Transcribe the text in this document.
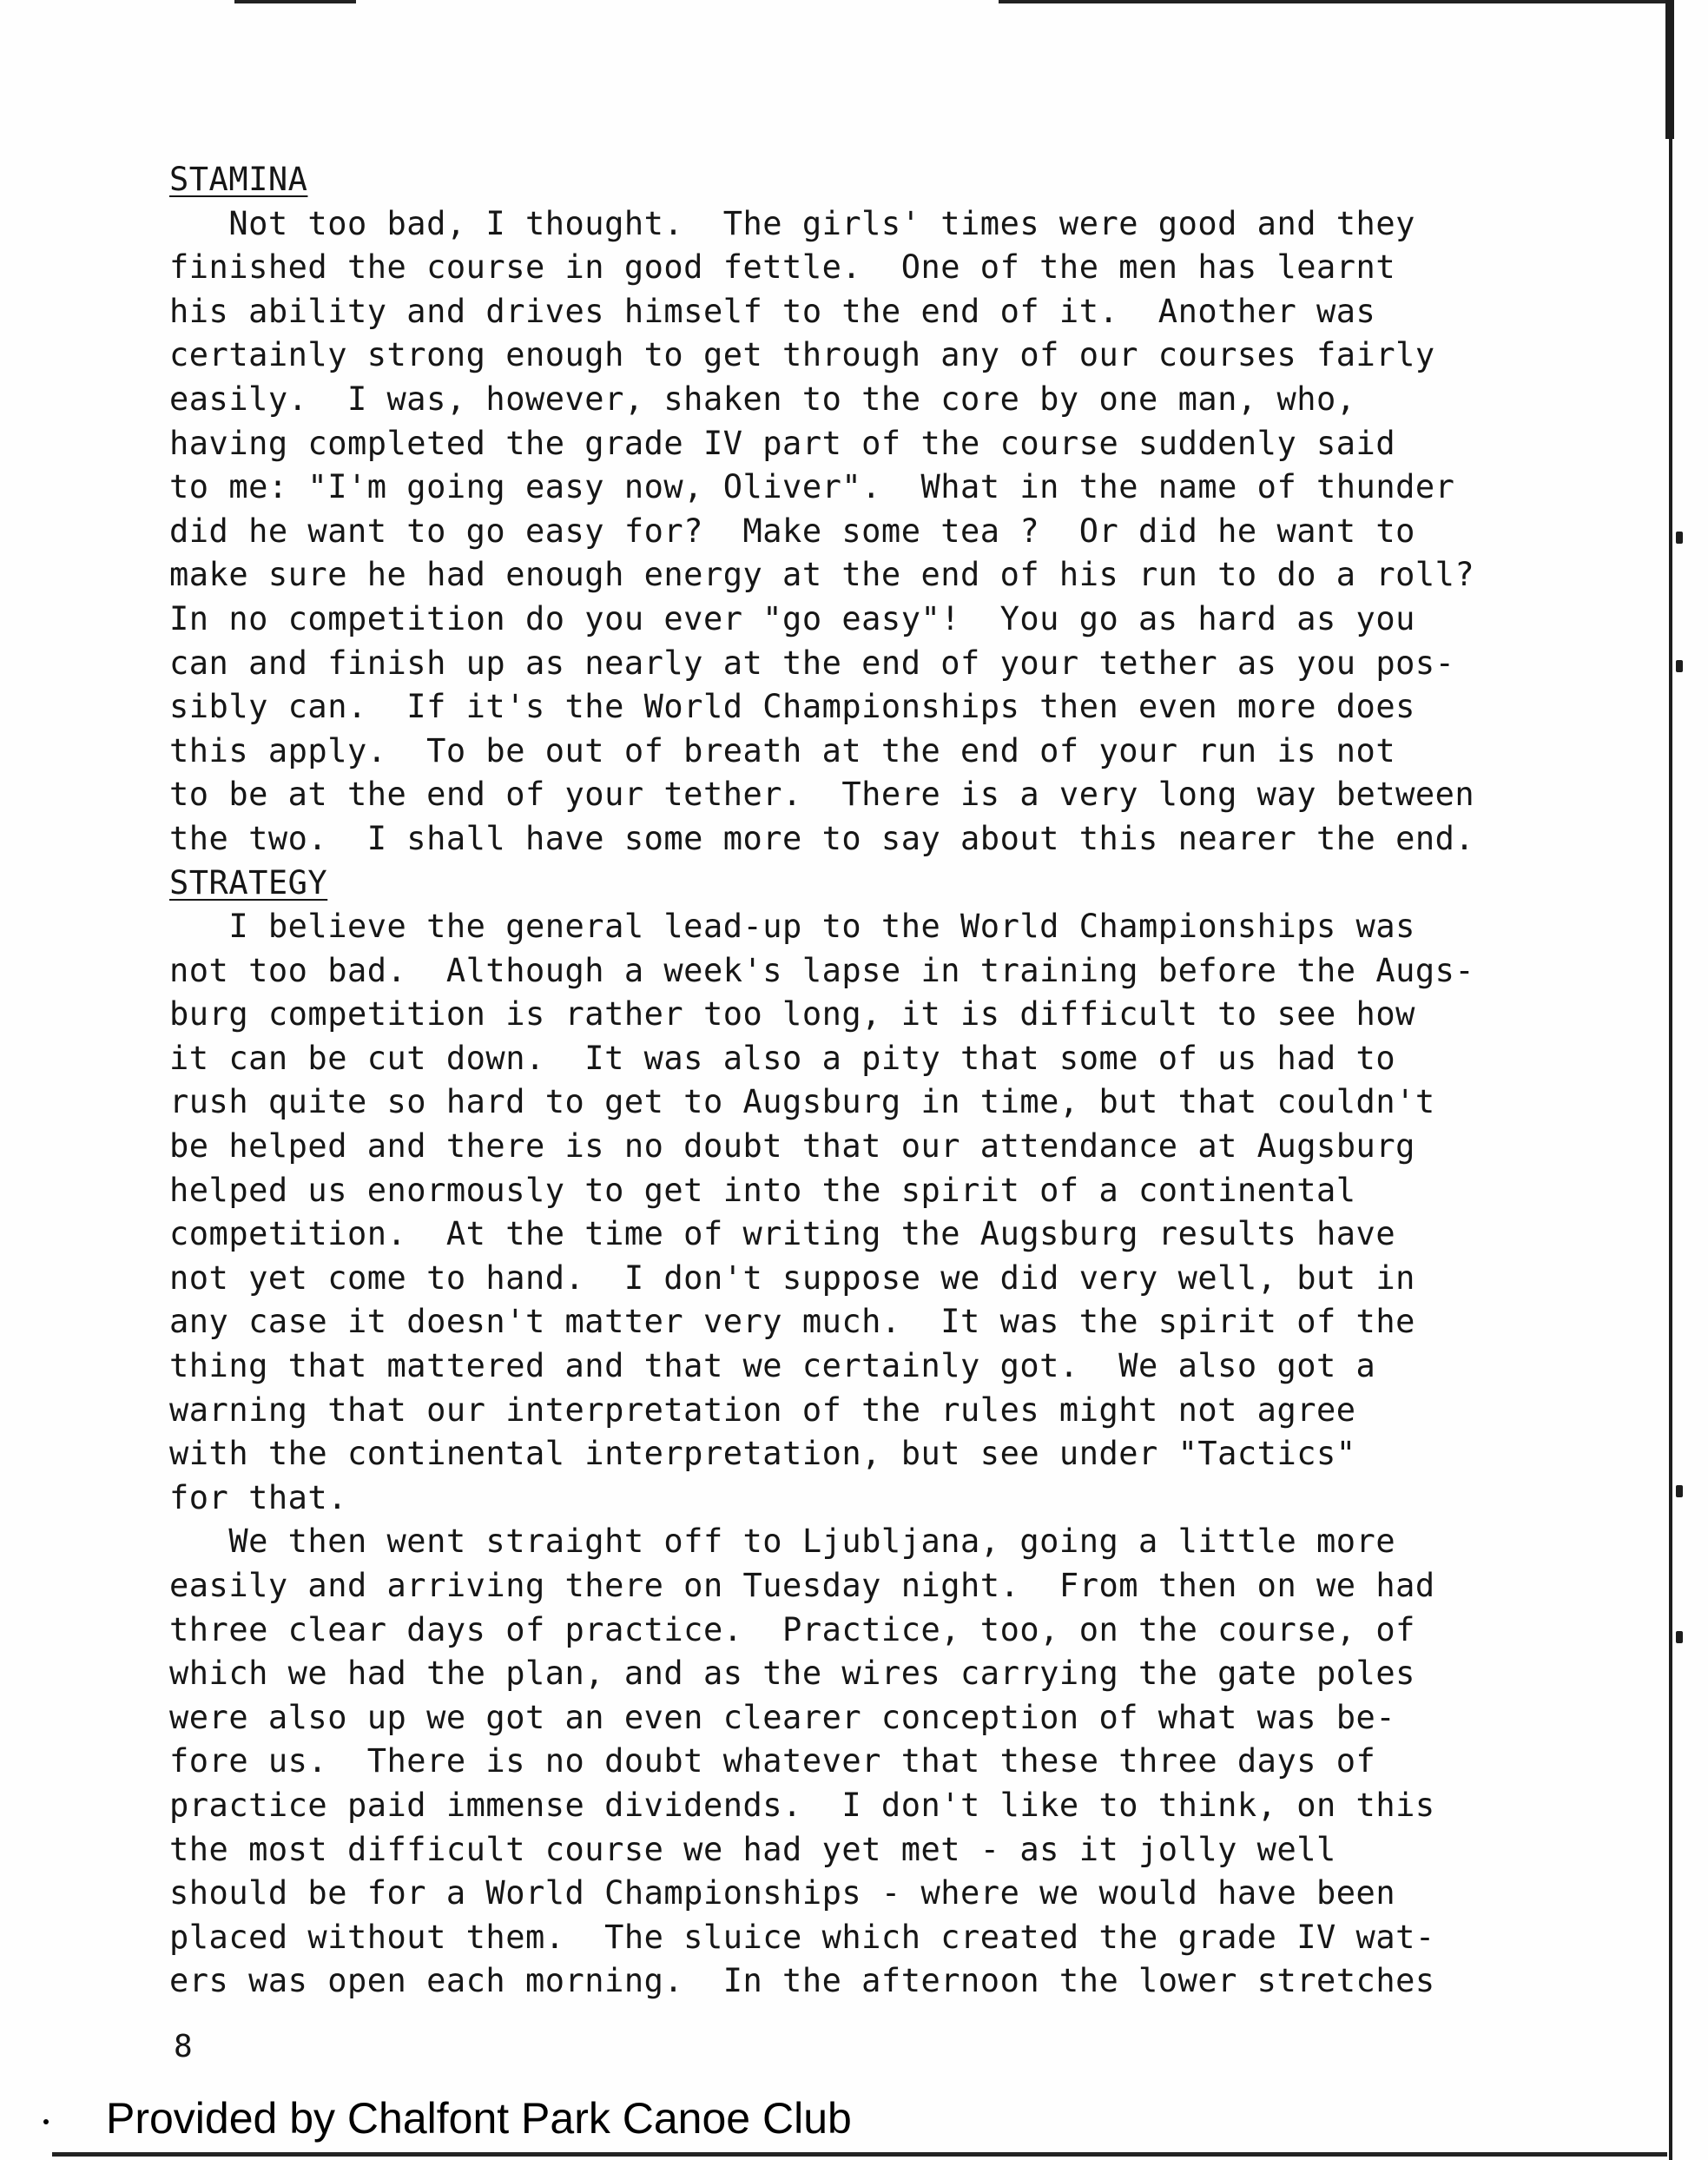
STAMINA
Not too bad, I thought.  The girls' times were good and they
finished the course in good fettle.  One of the men has learnt
his ability and drives himself to the end of it.  Another was
certainly strong enough to get through any of our courses fairly
easily.  I was, however, shaken to the core by one man, who,
having completed the grade IV part of the course suddenly said
to me: "I'm going easy now, Oliver".  What in the name of thunder
did he want to go easy for?  Make some tea ?  Or did he want to
make sure he had enough energy at the end of his run to do a roll?
In no competition do you ever "go easy"!  You go as hard as you
can and finish up as nearly at the end of your tether as you pos-
sibly can.  If it's the World Championships then even more does
this apply.  To be out of breath at the end of your run is not
to be at the end of your tether.  There is a very long way between
the two.  I shall have some more to say about this nearer the end.
STRATEGY
I believe the general lead-up to the World Championships was
not too bad.  Although a week's lapse in training before the Augs-
burg competition is rather too long, it is difficult to see how
it can be cut down.  It was also a pity that some of us had to
rush quite so hard to get to Augsburg in time, but that couldn't
be helped and there is no doubt that our attendance at Augsburg
helped us enormously to get into the spirit of a continental
competition.  At the time of writing the Augsburg results have
not yet come to hand.  I don't suppose we did very well, but in
any case it doesn't matter very much.  It was the spirit of the
thing that mattered and that we certainly got.  We also got a
warning that our interpretation of the rules might not agree
with the continental interpretation, but see under "Tactics"
for that.
We then went straight off to Ljubljana, going a little more
easily and arriving there on Tuesday night.  From then on we had
three clear days of practice.  Practice, too, on the course, of
which we had the plan, and as the wires carrying the gate poles
were also up we got an even clearer conception of what was be-
fore us.  There is no doubt whatever that these three days of
practice paid immense dividends.  I don't like to think, on this
the most difficult course we had yet met - as it jolly well
should be for a World Championships - where we would have been
placed without them.  The sluice which created the grade IV wat-
ers was open each morning.  In the afternoon the lower stretches
8
Provided by Chalfont Park Canoe Club
